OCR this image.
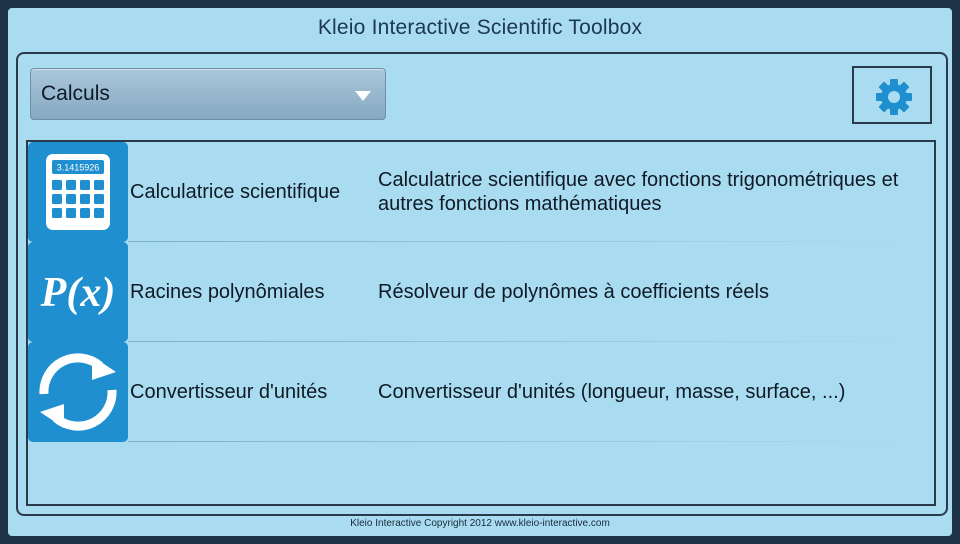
Kleio Interactive Scientific Toolbox
Calculs
3.1415926
Calculatrice scientifique
Calculatrice scientifique avec fonctions trigonométriques et autres fonctions mathématiques
P(x) Racines polynômiales	Résolveur de polynômes à coefficients réels
Convertisseur d'unités	Convertisseur d'unités (longueur, masse, surface, ...)
Kleio Interactive Copyright 2012 www.kleio-interactive.com
